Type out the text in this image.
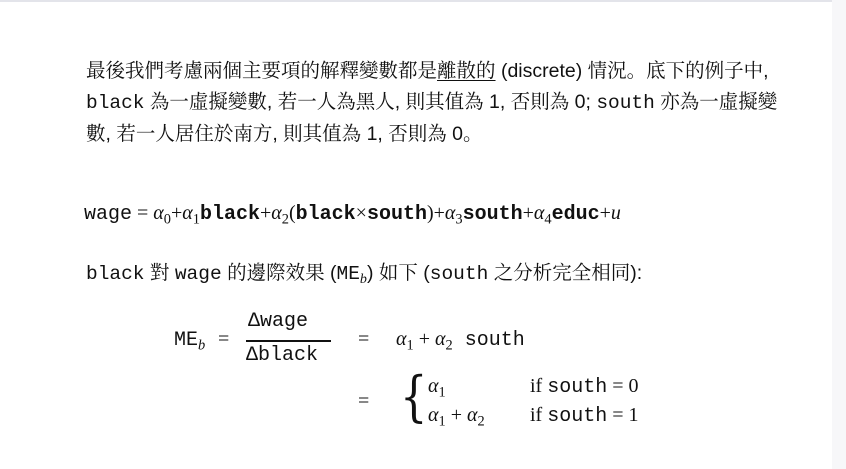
最後我們考慮兩個主要項的解釋變數都是離散的 (discrete) 情況。底下的例子中, black 為一虛擬變數, 若一人為黑人, 則其值為 1, 否則為 0; south 亦為一虛擬變數, 若一人居住於南方, 則其值為 1, 否則為 0。

wage = $\alpha_0+\alpha_1black+\alpha_2(black\times south)+\alpha_3south+\alpha_4educ+u$
black 對 wage 的邊際效果 $(ME_b)$ 如下 (south 之分析完全相同):
$ME_b$ =
Δwage
Δblack
= $\alpha_1 + \alpha_2$ south
= { $\alpha_1$	if south = 0
$\alpha_1 + \alpha_2$ if south = 1
